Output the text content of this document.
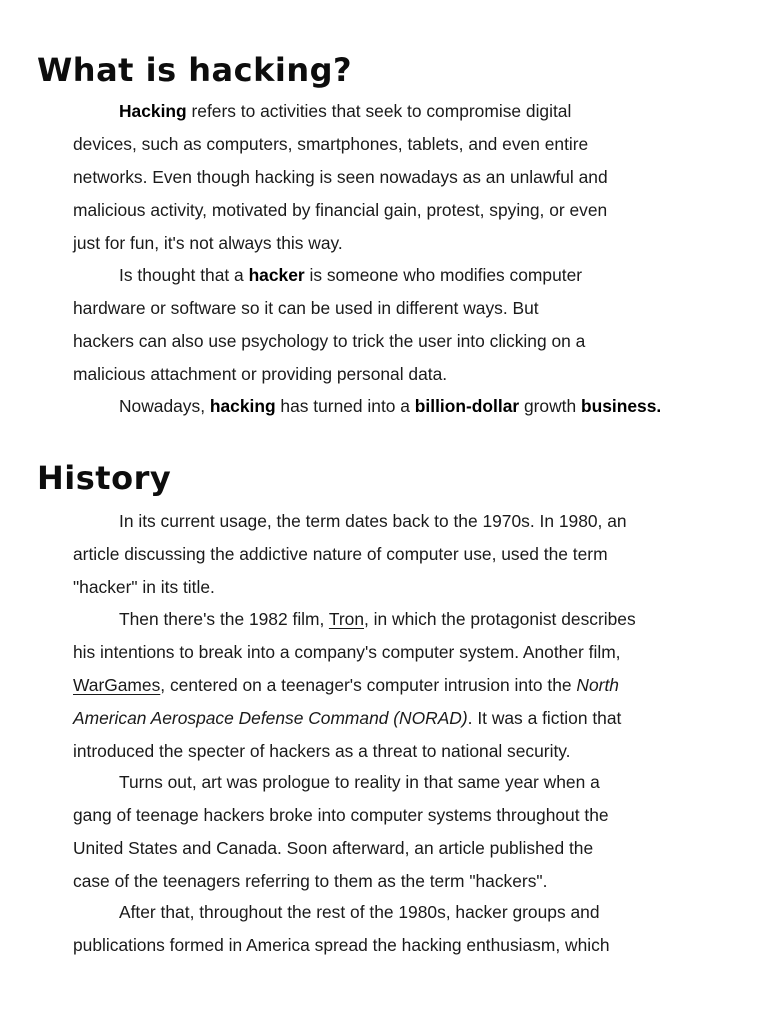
What is hacking?

Hacking refers to activities that seek to compromise digital

devices, such as computers, smartphones, tablets, and even entire

networks. Even though hacking is seen nowadays as an unlawful and

malicious activity, motivated by financial gain, protest, spying, or even

just for fun, it's not always this way.

Is thought that a hacker is someone who modifies computer

hardware or software so it can be used in different ways. But

hackers can also use psychology to trick the user into clicking on a

malicious attachment or providing personal data.

Nowadays, hacking has turned into a billion-dollar growth business.

History

In its current usage, the term dates back to the 1970s. In 1980, an

article discussing the addictive nature of computer use, used the term

"hacker" in its title.

Then there's the 1982 film, Tron, in which the protagonist describes

his intentions to break into a company's computer system. Another film,

WarGames, centered on a teenager's computer intrusion into the North

American Aerospace Defense Command (NORAD). It was a fiction that

introduced the specter of hackers as a threat to national security.

Turns out, art was prologue to reality in that same year when a

gang of teenage hackers broke into computer systems throughout the

United States and Canada. Soon afterward, an article published the

case of the teenagers referring to them as the term "hackers".

After that, throughout the rest of the 1980s, hacker groups and

publications formed in America spread the hacking enthusiasm, which
